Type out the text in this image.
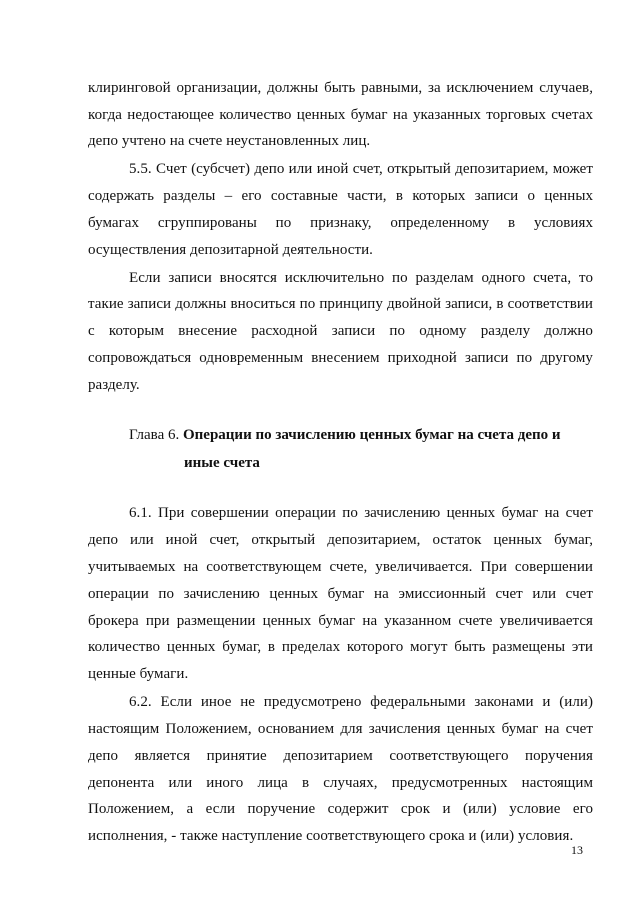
клиринговой организации, должны быть равными, за исключением случаев,
когда недостающее количество ценных бумаг на указанных торговых счетах
депо учтено на счете неустановленных лиц.
5.5. Счет (субсчет) депо или иной счет, открытый депозитарием, может
содержать разделы – его составные части, в которых записи о ценных
бумагах сгруппированы по признаку, определенному в условиях
осуществления депозитарной деятельности.
Если записи вносятся исключительно по разделам одного счета, то
такие записи должны вноситься по принципу двойной записи, в соответствии
с которым внесение расходной записи по одному разделу должно
сопровождаться одновременным внесением приходной записи по другому
разделу.
Глава 6. Операции по зачислению ценных бумаг на счета депо и
иные счета
6.1. При совершении операции по зачислению ценных бумаг на счет
депо или иной счет, открытый депозитарием, остаток ценных бумаг,
учитываемых на соответствующем счете, увеличивается. При совершении
операции по зачислению ценных бумаг на эмиссионный счет или счет
брокера при размещении ценных бумаг на указанном счете увеличивается
количество ценных бумаг, в пределах которого могут быть размещены эти
ценные бумаги.
6.2. Если иное не предусмотрено федеральными законами и (или)
настоящим Положением, основанием для зачисления ценных бумаг на счет
депо является принятие депозитарием соответствующего поручения
депонента или иного лица в случаях, предусмотренных настоящим
Положением, а если поручение содержит срок и (или) условие его
исполнения, - также наступление соответствующего срока и (или) условия.
13
